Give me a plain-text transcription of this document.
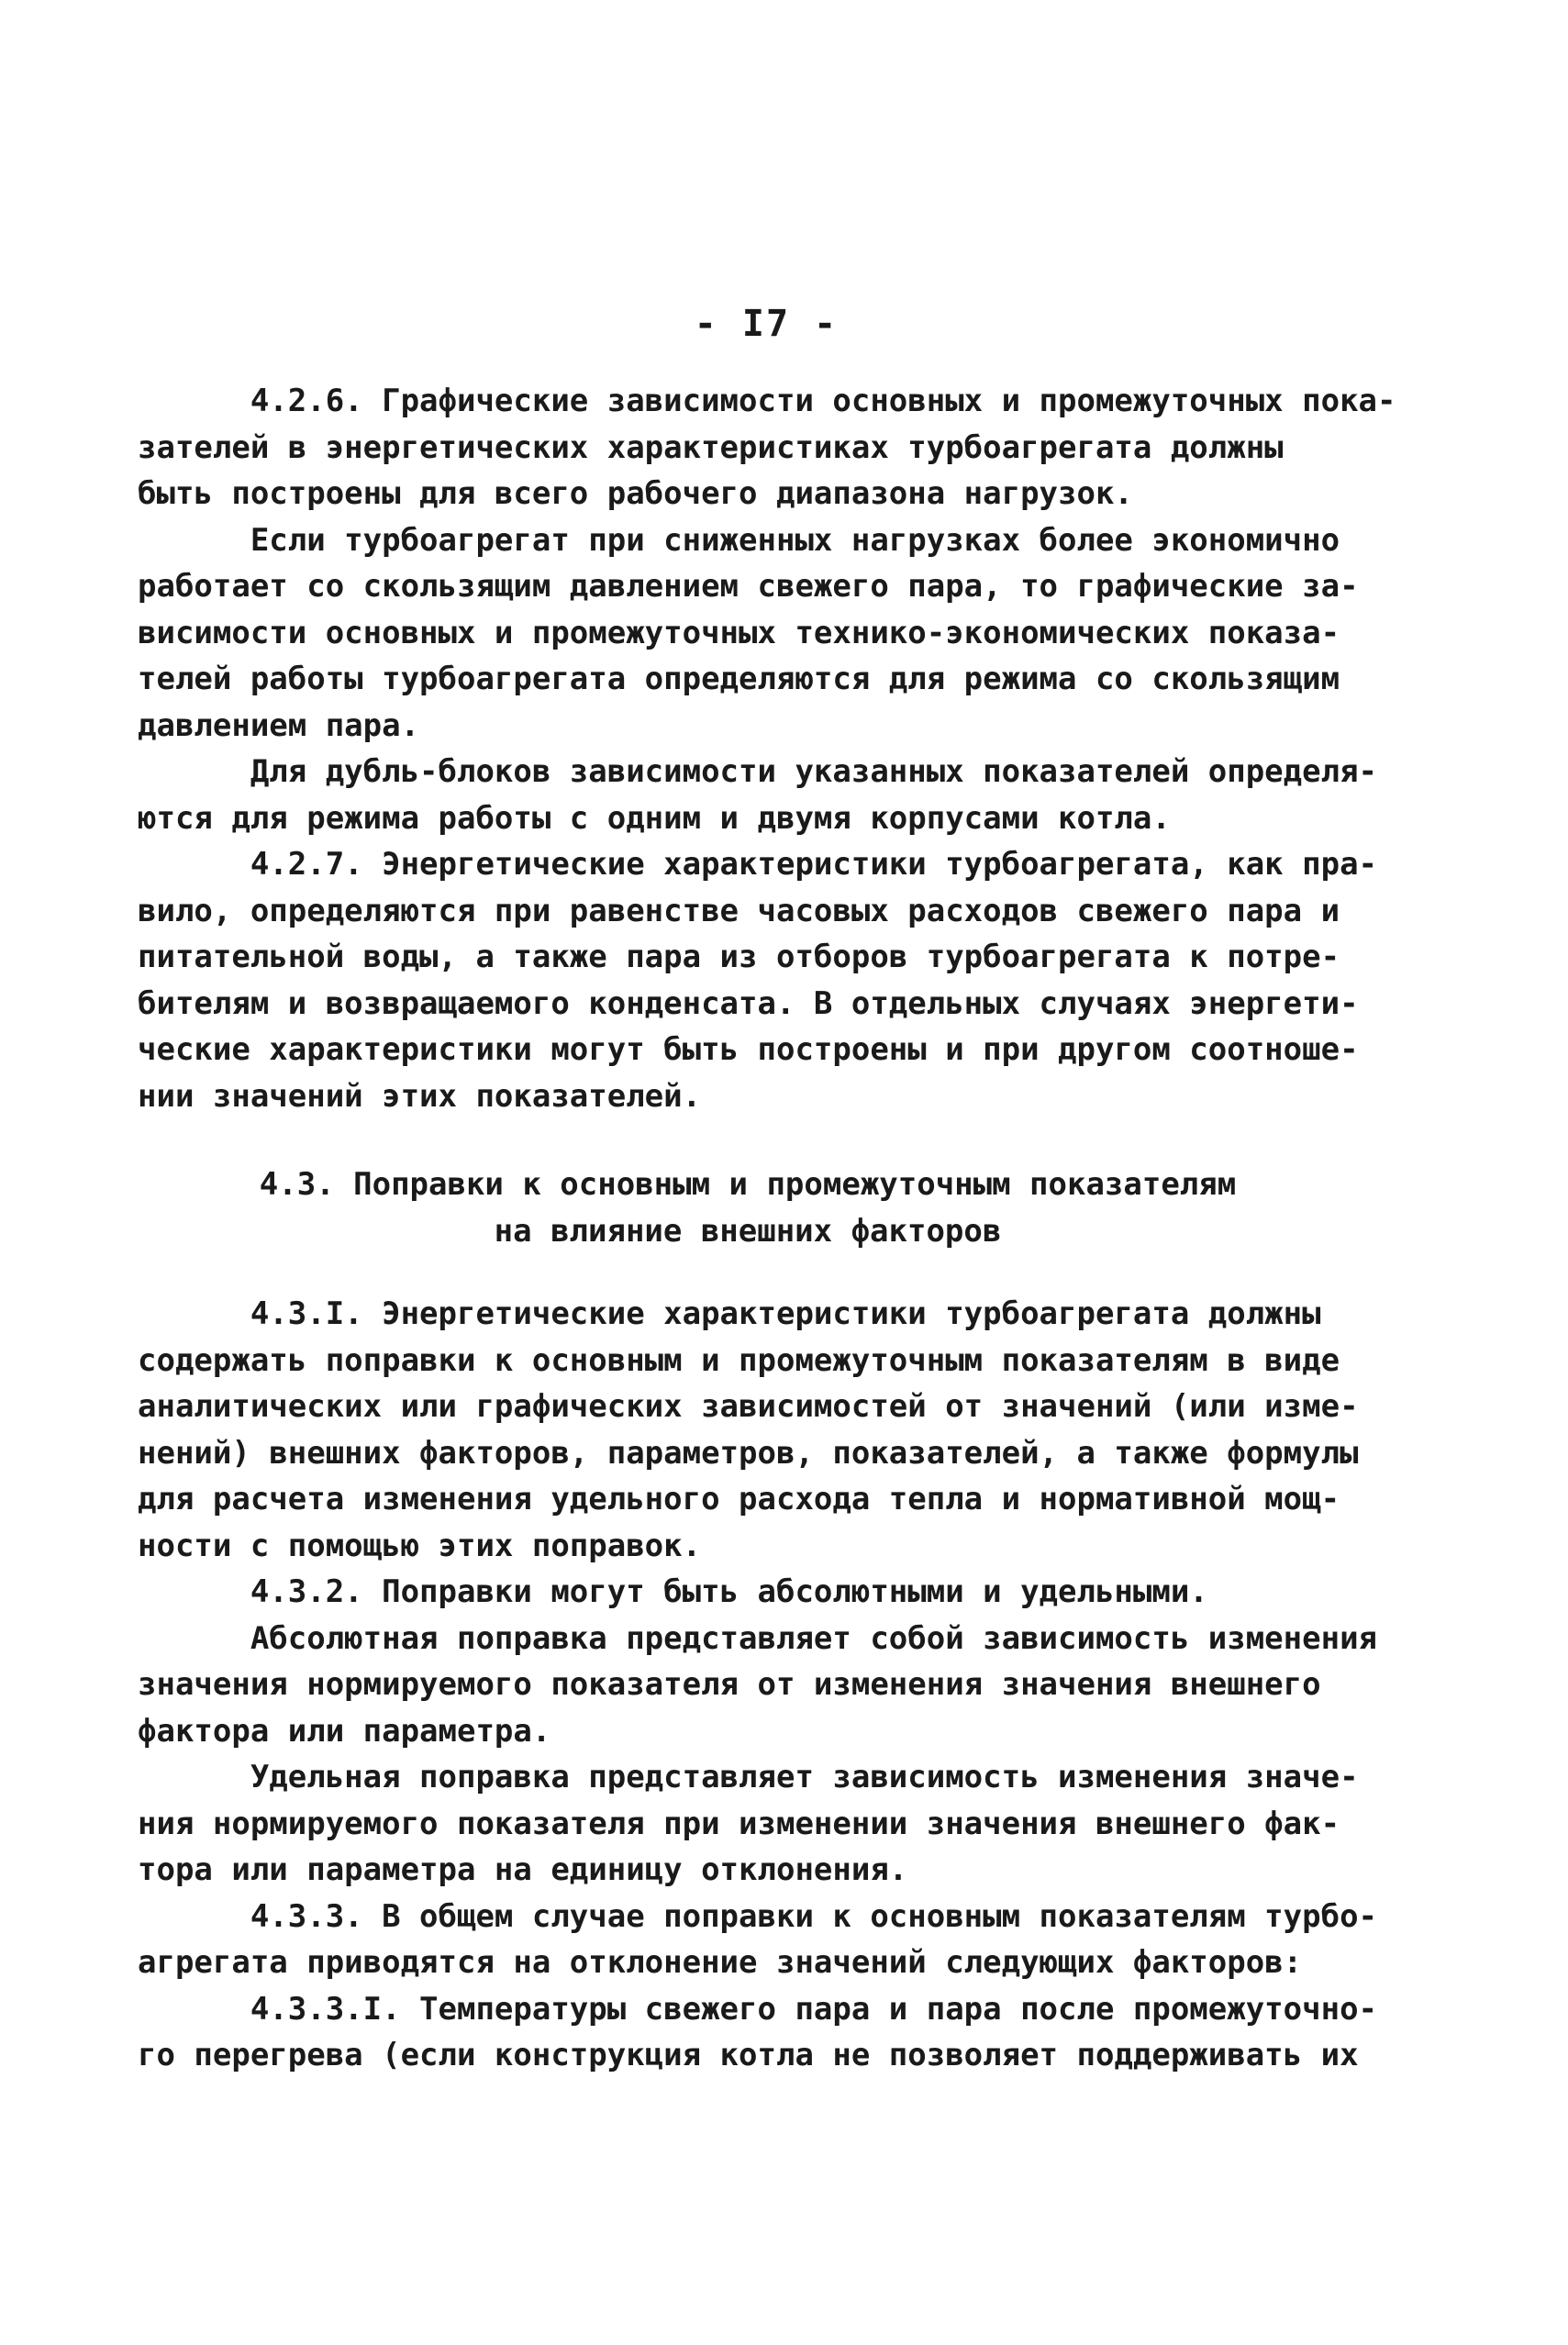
- I7 -

4.2.6. Графические зависимости основных и промежуточных пока-
зателей в энергетических характеристиках турбоагрегата должны
быть построены для всего рабочего диапазона нагрузок.

Если турбоагрегат при сниженных нагрузках более экономично
работает со скользящим давлением свежего пара, то графические за-
висимости основных и промежуточных технико-экономических показа-
телей работы турбоагрегата определяются для режима со скользящим
давлением пара.

Для дубль-блоков зависимости указанных показателей определя-
ются для режима работы с одним и двумя корпусами котла.

4.2.7. Энергетические характеристики турбоагрегата, как пра-
вило, определяются при равенстве часовых расходов свежего пара и
питательной воды, а также пара из отборов турбоагрегата к потре-
бителям и возвращаемого конденсата. В отдельных случаях энергети-
ческие характеристики могут быть построены и при другом соотноше-
нии значений этих показателей.

4.3. Поправки к основным и промежуточным показателям
на влияние внешних факторов

4.3.I. Энергетические характеристики турбоагрегата должны
содержать поправки к основным и промежуточным показателям в виде
аналитических или графических зависимостей от значений (или изме-
нений) внешних факторов, параметров, показателей, а также формулы
для расчета изменения удельного расхода тепла и нормативной мощ-
ности с помощью этих поправок.

4.3.2. Поправки могут быть абсолютными и удельными.

Абсолютная поправка представляет собой зависимость изменения
значения нормируемого показателя от изменения значения внешнего
фактора или параметра.

Удельная поправка представляет зависимость изменения значе-
ния нормируемого показателя при изменении значения внешнего фак-
тора или параметра на единицу отклонения.

4.3.3. В общем случае поправки к основным показателям турбо-
агрегата приводятся на отклонение значений следующих факторов:

4.3.3.I. Температуры свежего пара и пара после промежуточно-
го перегрева (если конструкция котла не позволяет поддерживать их
